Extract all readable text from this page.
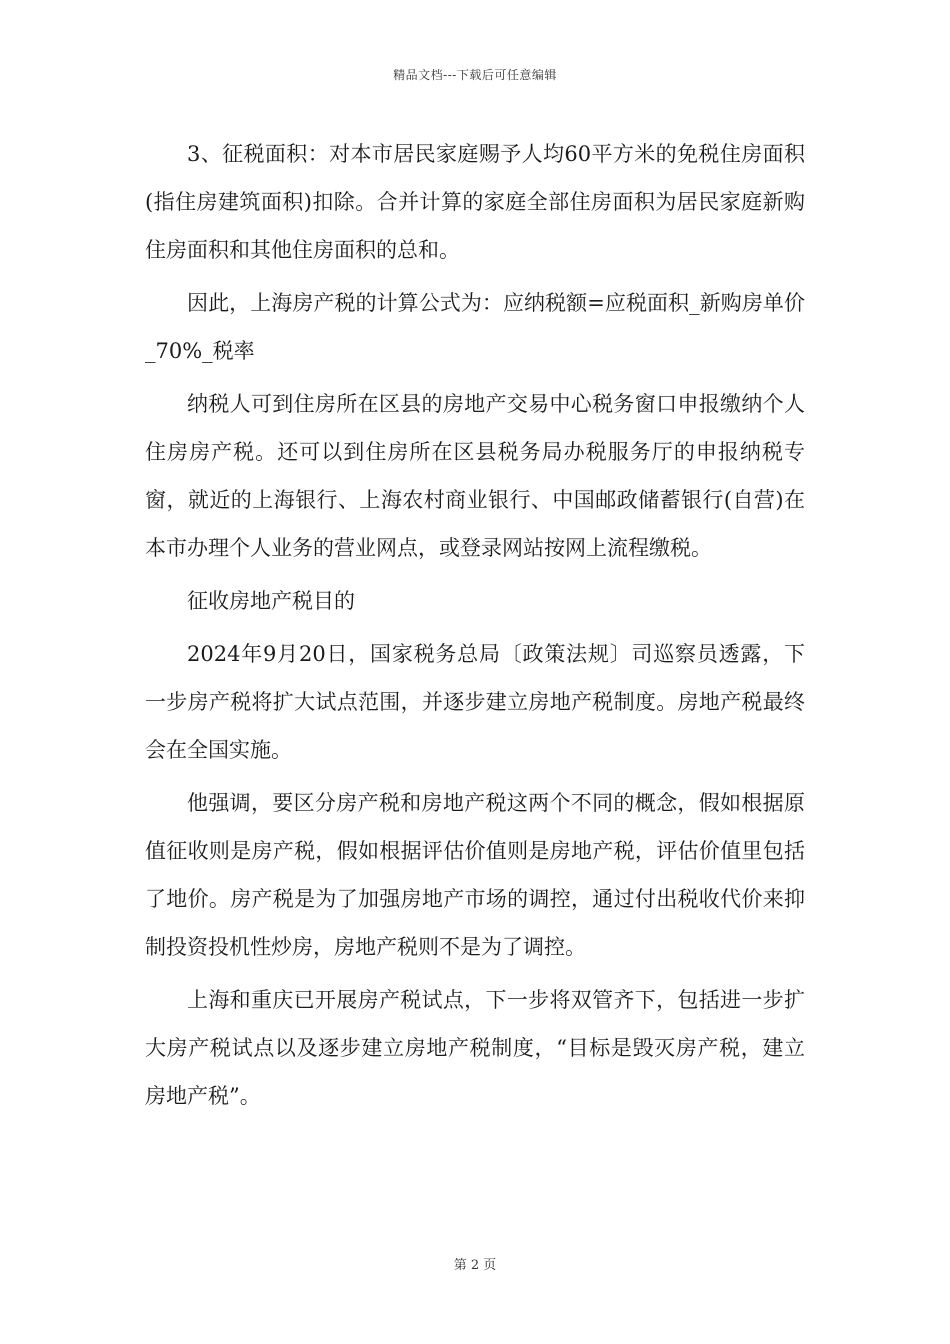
精品文档---下载后可任意编辑

3、征税面积：对本市居民家庭赐予人均60平方米的免税住房面积(指住房建筑面积)扣除。合并计算的家庭全部住房面积为居民家庭新购住房面积和其他住房面积的总和。

因此，上海房产税的计算公式为：应纳税额=应税面积_新购房单价_70%_税率

纳税人可到住房所在区县的房地产交易中心税务窗口申报缴纳个人住房房产税。还可以到住房所在区县税务局办税服务厅的申报纳税专窗，就近的上海银行、上海农村商业银行、中国邮政储蓄银行(自营)在本市办理个人业务的营业网点，或登录网站按网上流程缴税。

征收房地产税目的

2024年9月20日，国家税务总局〔政策法规〕司巡察员透露，下一步房产税将扩大试点范围，并逐步建立房地产税制度。房地产税最终会在全国实施。

他强调，要区分房产税和房地产税这两个不同的概念，假如根据原值征收则是房产税，假如根据评估价值则是房地产税，评估价值里包括了地价。房产税是为了加强房地产市场的调控，通过付出税收代价来抑制投资投机性炒房，房地产税则不是为了调控。

上海和重庆已开展房产税试点，下一步将双管齐下，包括进一步扩大房产税试点以及逐步建立房地产税制度，“目标是毁灭房产税，建立房地产税”。

第 2 页
